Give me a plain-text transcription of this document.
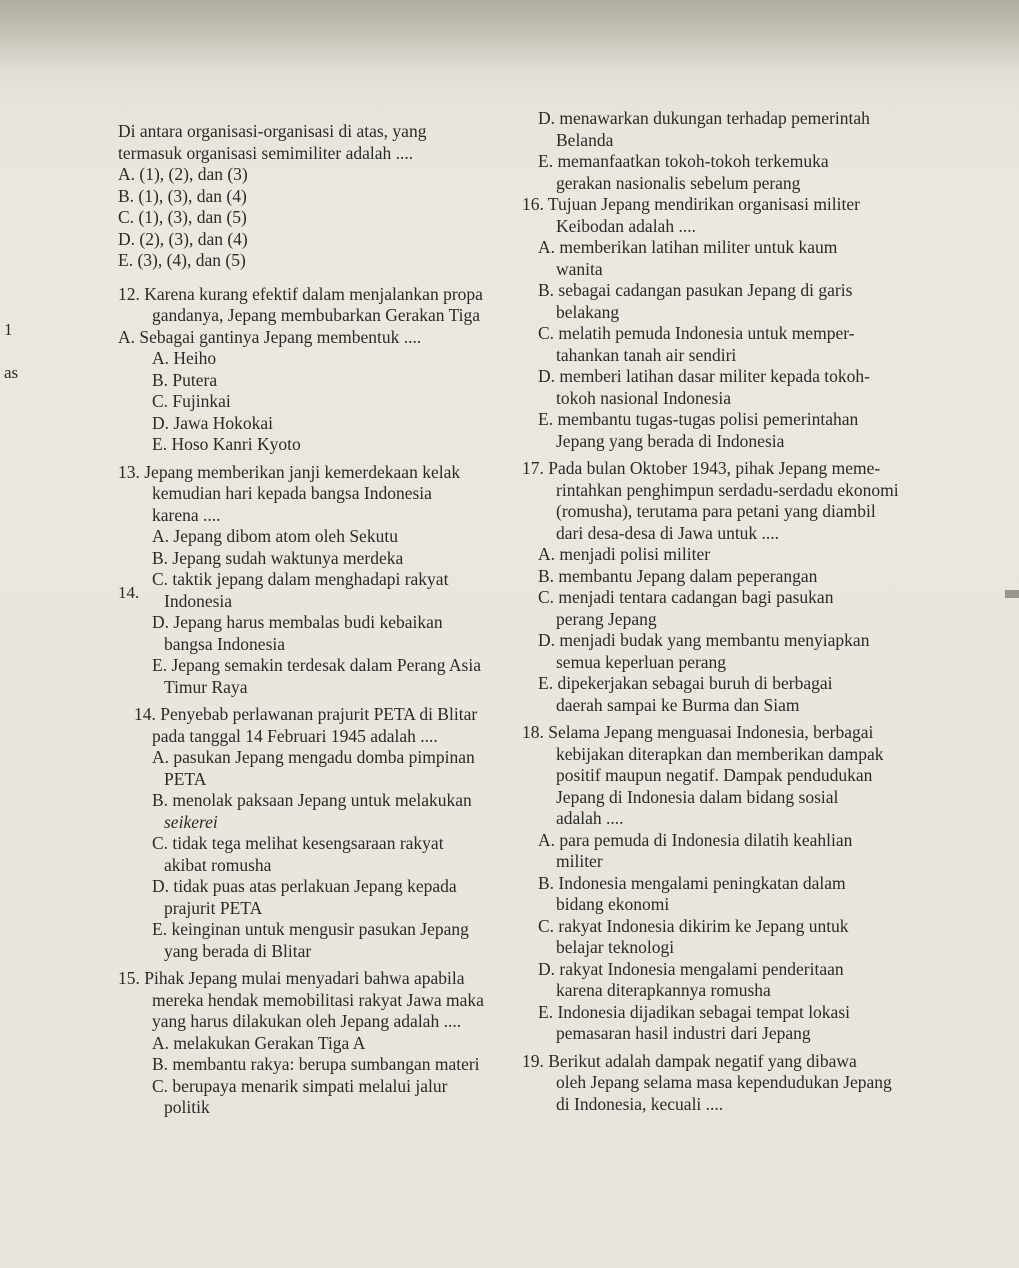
1
as
14.
Di antara organisasi-organisasi di atas, yang
termasuk organisasi semimiliter adalah ....
A. (1), (2), dan (3)
B. (1), (3), dan (4)
C. (1), (3), dan (5)
D. (2), (3), dan (4)
E. (3), (4), dan (5)
12. Karena kurang efektif dalam menjalankan propa
gandanya, Jepang membubarkan Gerakan Tiga
A. Sebagai gantinya Jepang membentuk ....
A. Heiho
B. Putera
C. Fujinkai
D. Jawa Hokokai
E. Hoso Kanri Kyoto
13. Jepang memberikan janji kemerdekaan kelak
kemudian hari kepada bangsa Indonesia
karena ....
A. Jepang dibom atom oleh Sekutu
B. Jepang sudah waktunya merdeka
C. taktik jepang dalam menghadapi rakyat
Indonesia
D. Jepang harus membalas budi kebaikan
bangsa Indonesia
E. Jepang semakin terdesak dalam Perang Asia
Timur Raya
14. Penyebab perlawanan prajurit PETA di Blitar
pada tanggal 14 Februari 1945 adalah ....
A. pasukan Jepang mengadu domba pimpinan
PETA
B. menolak paksaan Jepang untuk melakukan
seikerei
C. tidak tega melihat kesengsaraan rakyat
akibat romusha
D. tidak puas atas perlakuan Jepang kepada
prajurit PETA
E. keinginan untuk mengusir pasukan Jepang
yang berada di Blitar
15. Pihak Jepang mulai menyadari bahwa apabila
mereka hendak memobilitasi rakyat Jawa maka
yang harus dilakukan oleh Jepang adalah ....
A. melakukan Gerakan Tiga A
B. membantu rakya: berupa sumbangan materi
C. berupaya menarik simpati melalui jalur
politik
D. menawarkan dukungan terhadap pemerintah
Belanda
E. memanfaatkan tokoh-tokoh terkemuka
gerakan nasionalis sebelum perang
16. Tujuan Jepang mendirikan organisasi militer
Keibodan adalah ....
A. memberikan latihan militer untuk kaum
wanita
B. sebagai cadangan pasukan Jepang di garis
belakang
C. melatih pemuda Indonesia untuk memper-
tahankan tanah air sendiri
D. memberi latihan dasar militer kepada tokoh-
tokoh nasional Indonesia
E. membantu tugas-tugas polisi pemerintahan
Jepang yang berada di Indonesia
17. Pada bulan Oktober 1943, pihak Jepang meme-
rintahkan penghimpun serdadu-serdadu ekonomi
(romusha), terutama para petani yang diambil
dari desa-desa di Jawa untuk ....
A. menjadi polisi militer
B. membantu Jepang dalam peperangan
C. menjadi tentara cadangan bagi pasukan
perang Jepang
D. menjadi budak yang membantu menyiapkan
semua keperluan perang
E. dipekerjakan sebagai buruh di berbagai
daerah sampai ke Burma dan Siam
18. Selama Jepang menguasai Indonesia, berbagai
kebijakan diterapkan dan memberikan dampak
positif maupun negatif. Dampak pendudukan
Jepang di Indonesia dalam bidang sosial
adalah ....
A. para pemuda di Indonesia dilatih keahlian
militer
B. Indonesia mengalami peningkatan dalam
bidang ekonomi
C. rakyat Indonesia dikirim ke Jepang untuk
belajar teknologi
D. rakyat Indonesia mengalami penderitaan
karena diterapkannya romusha
E. Indonesia dijadikan sebagai tempat lokasi
pemasaran hasil industri dari Jepang
19. Berikut adalah dampak negatif yang dibawa
oleh Jepang selama masa kependudukan Jepang
di Indonesia, kecuali ....
